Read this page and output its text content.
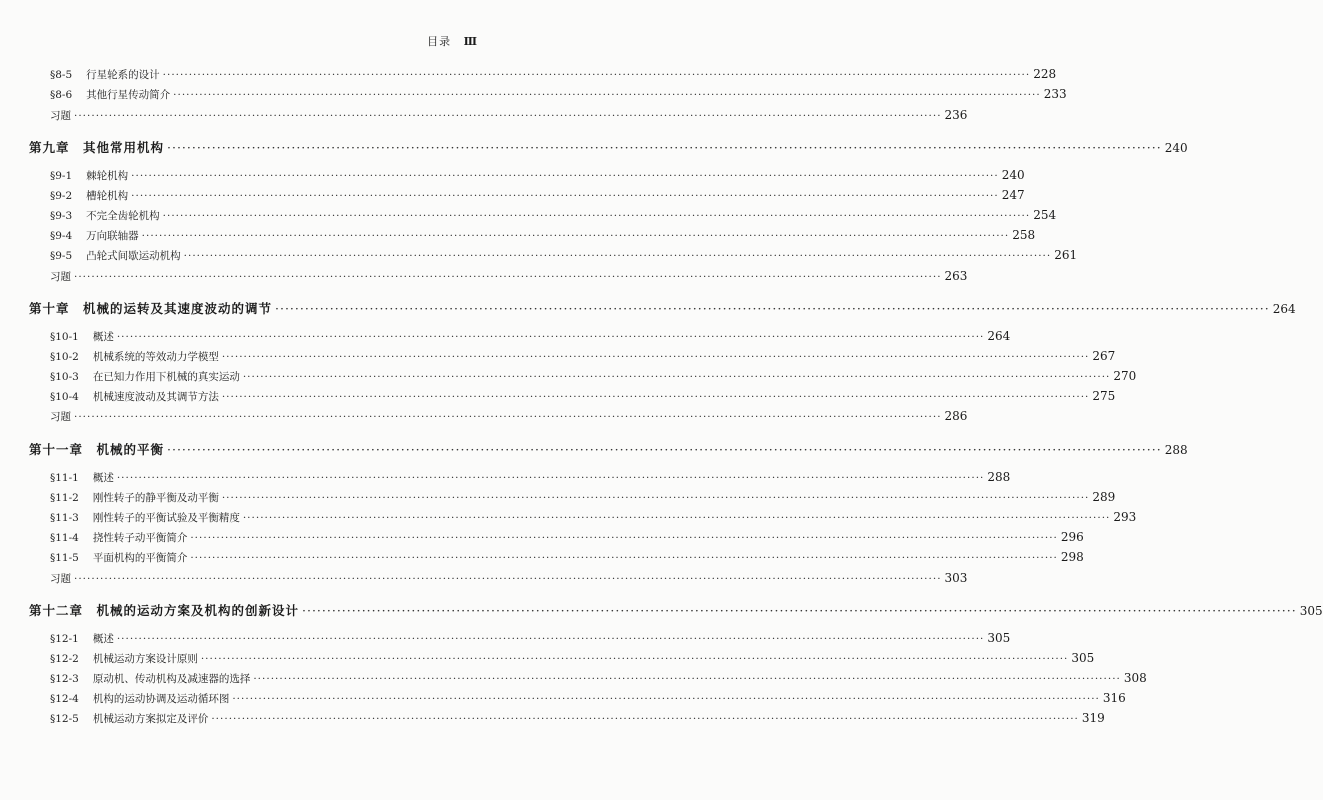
目录 Ⅲ
§8-5 行星轮系的设计 ········································································································································································································ 228
§8-6 其他行星传动简介 ········································································································································································································ 233
习题 ········································································································································································································ 236
第九章　其他常用机构 ········································································································································································································ 240
§9-1 棘轮机构 ········································································································································································································ 240
§9-2 槽轮机构 ········································································································································································································ 247
§9-3 不完全齿轮机构 ········································································································································································································ 254
§9-4 万向联轴器 ········································································································································································································ 258
§9-5 凸轮式间歇运动机构 ········································································································································································································ 261
习题 ········································································································································································································ 263
第十章　机械的运转及其速度波动的调节 ········································································································································································································ 264
§10-1 概述 ········································································································································································································ 264
§10-2 机械系统的等效动力学模型 ········································································································································································································ 267
§10-3 在已知力作用下机械的真实运动 ········································································································································································································ 270
§10-4 机械速度波动及其调节方法 ········································································································································································································ 275
习题 ········································································································································································································ 286
第十一章　机械的平衡 ········································································································································································································ 288
§11-1 概述 ········································································································································································································ 288
§11-2 刚性转子的静平衡及动平衡 ········································································································································································································ 289
§11-3 刚性转子的平衡试验及平衡精度 ········································································································································································································ 293
§11-4 挠性转子动平衡简介 ········································································································································································································ 296
§11-5 平面机构的平衡简介 ········································································································································································································ 298
习题 ········································································································································································································ 303
第十二章　机械的运动方案及机构的创新设计 ········································································································································································································ 305
§12-1 概述 ········································································································································································································ 305
§12-2 机械运动方案设计原则 ········································································································································································································ 305
§12-3 原动机、传动机构及减速器的选择 ········································································································································································································ 308
§12-4 机构的运动协调及运动循环图 ········································································································································································································ 316
§12-5 机械运动方案拟定及评价 ········································································································································································································ 319
